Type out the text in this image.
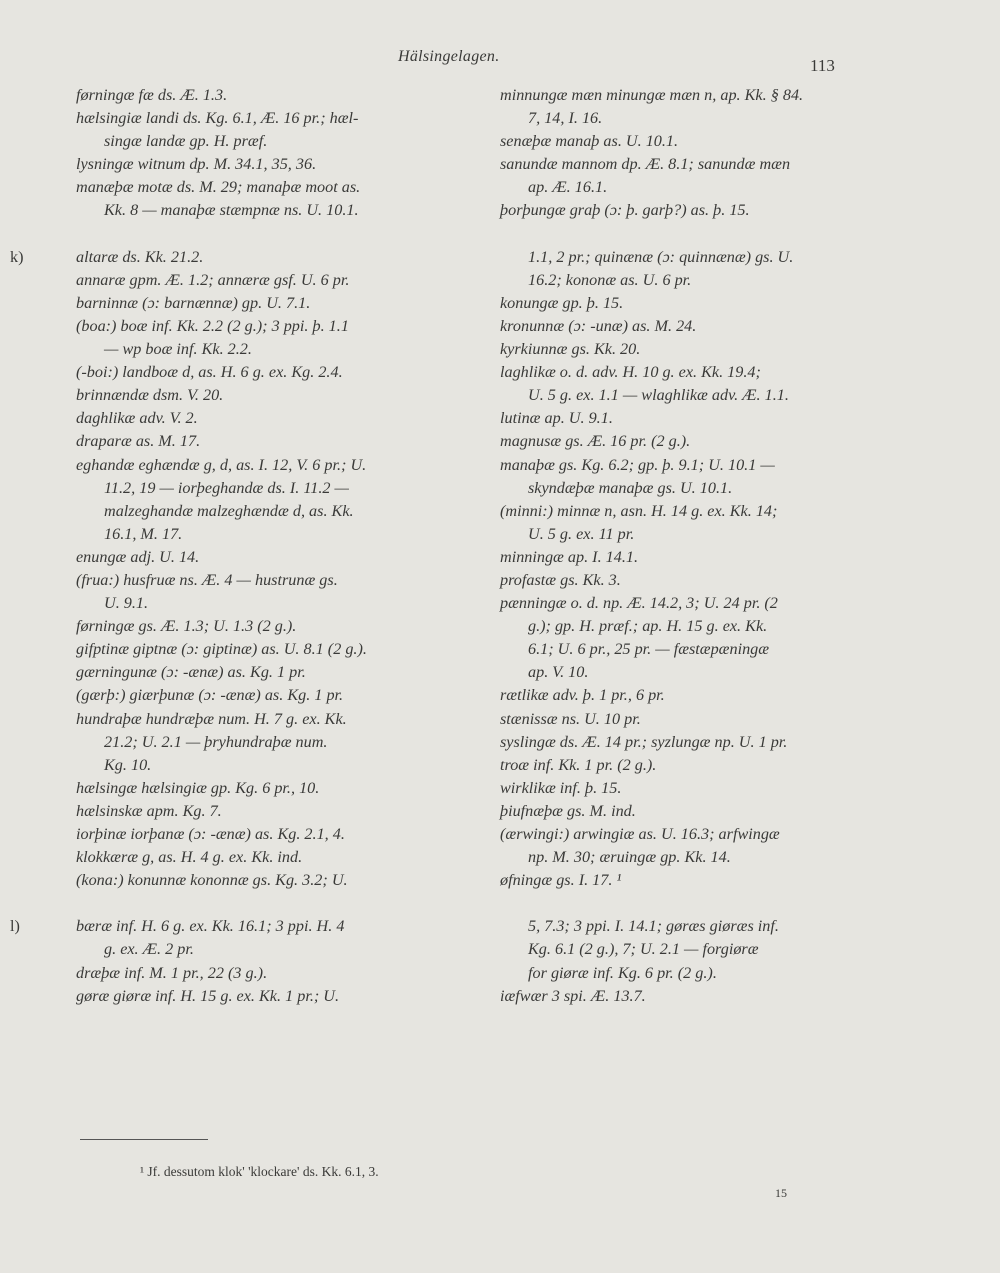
Hälsingelagen.	113
førningæ fæ ds. Æ. 1.3.
hælsingiæ landi ds. Kg. 6.1, Æ. 16 pr.; hæl-
singæ landæ gp. H. præf.
lysningæ witnum dp. M. 34.1, 35, 36.
manæþæ motæ ds. M. 29; manaþæ moot as.
Kk. 8 — manaþæ stæmpnæ ns. U. 10.1.
k)	altaræ ds. Kk. 21.2.
annaræ gpm. Æ. 1.2; annæræ gsf. U. 6 pr.
barninnæ (ɔ: barnænnæ) gp. U. 7.1.
(boa:) boæ inf. Kk. 2.2 (2 g.); 3 ppi. þ. 1.1
— wp boæ inf. Kk. 2.2.
(-boi:) landboæ d, as. H. 6 g. ex. Kg. 2.4.
brinnændæ dsm. V. 20.
daghlikæ adv. V. 2.
draparæ as. M. 17.
eghandæ eghændæ g, d, as. I. 12, V. 6 pr.; U.
11.2, 19 — iorþeghandæ ds. I. 11.2 —
malzeghandæ malzeghændæ d, as. Kk.
16.1, M. 17.
enungæ adj. U. 14.
(frua:) husfruæ ns. Æ. 4 — hustrunæ gs.
U. 9.1.
førningæ gs. Æ. 1.3; U. 1.3 (2 g.).
gifptinæ giptnæ (ɔ: giptinæ) as. U. 8.1 (2 g.).
gærningunæ (ɔ: -ænæ) as. Kg. 1 pr.
(gærþ:) giærþunæ (ɔ: -ænæ) as. Kg. 1 pr.
hundraþæ hundræþæ num. H. 7 g. ex. Kk.
21.2; U. 2.1 — þryhundraþæ num.
Kg. 10.
hælsingæ hælsingiæ gp. Kg. 6 pr., 10.
hælsinskæ apm. Kg. 7.
iorþinæ iorþanæ (ɔ: -ænæ) as. Kg. 2.1, 4.
klokkæræ g, as. H. 4 g. ex. Kk. ind.
(kona:) konunnæ kononnæ gs. Kg. 3.2; U.
l)	bæræ inf. H. 6 g. ex. Kk. 16.1; 3 ppi. H. 4
g. ex. Æ. 2 pr.
dræþæ inf. M. 1 pr., 22 (3 g.).
gøræ giøræ inf. H. 15 g. ex. Kk. 1 pr.; U.
minnungæ mæn minungæ mæn n, ap. Kk. § 84.
7, 14, I. 16.
senæþæ manaþ as. U. 10.1.
sanundæ mannom dp. Æ. 8.1; sanundæ mæn
ap. Æ. 16.1.
þorþungæ graþ (ɔ: þ. garþ?) as. þ. 15.
1.1, 2 pr.; quinænæ (ɔ: quinnænæ) gs. U.
16.2; kononæ as. U. 6 pr.
konungæ gp. þ. 15.
kronunnæ (ɔ: -unæ) as. M. 24.
kyrkiunnæ gs. Kk. 20.
laghlikæ o. d. adv. H. 10 g. ex. Kk. 19.4;
U. 5 g. ex. 1.1 — wlaghlikæ adv. Æ. 1.1.
lutinæ ap. U. 9.1.
magnusæ gs. Æ. 16 pr. (2 g.).
manaþæ gs. Kg. 6.2; gp. þ. 9.1; U. 10.1 —
skyndæþæ manaþæ gs. U. 10.1.
(minni:) minnæ n, asn. H. 14 g. ex. Kk. 14;
U. 5 g. ex. 11 pr.
minningæ ap. I. 14.1.
profastæ gs. Kk. 3.
pænningæ o. d. np. Æ. 14.2, 3; U. 24 pr. (2
g.); gp. H. præf.; ap. H. 15 g. ex. Kk.
6.1; U. 6 pr., 25 pr. — fæstæpæningæ
ap. V. 10.
rætlikæ adv. þ. 1 pr., 6 pr.
stænissæ ns. U. 10 pr.
syslingæ ds. Æ. 14 pr.; syzlungæ np. U. 1 pr.
troæ inf. Kk. 1 pr. (2 g.).
wirklikæ inf. þ. 15.
þiufnæþæ gs. M. ind.
(ærwingi:) arwingiæ as. U. 16.3; arfwingæ
np. M. 30; æruingæ gp. Kk. 14.
øfningæ gs. I. 17. ¹
5, 7.3; 3 ppi. I. 14.1; gøræs giøræs inf.
Kg. 6.1 (2 g.), 7; U. 2.1 — forgiøræ
for giøræ inf. Kg. 6 pr. (2 g.).
iæfwær 3 spi. Æ. 13.7.
¹ Jf. dessutom klok' 'klockare' ds. Kk. 6.1, 3.
15
